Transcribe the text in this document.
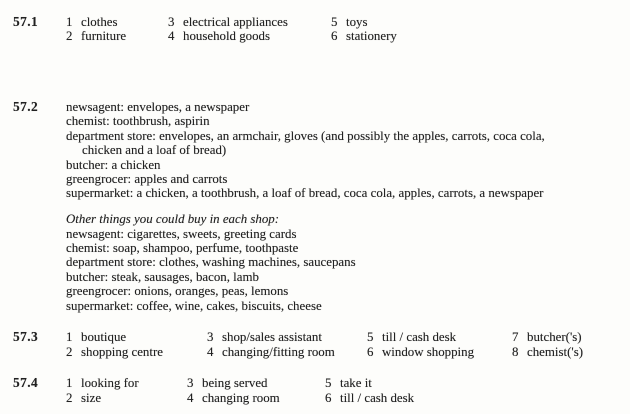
57.1 1 clothes	3 electrical appliances	5 toys
2 furniture	4 household goods	6 stationery
57.2 newsagent: envelopes, a newspaper
chemist: toothbrush, aspirin
department store: envelopes, an armchair, gloves (and possibly the apples, carrots, coca cola,
chicken and a loaf of bread)
butcher: a chicken
greengrocer: apples and carrots
supermarket: a chicken, a toothbrush, a loaf of bread, coca cola, apples, carrots, a newspaper
Other things you could buy in each shop:
newsagent: cigarettes, sweets, greeting cards
chemist: soap, shampoo, perfume, toothpaste
department store: clothes, washing machines, saucepans
butcher: steak, sausages, bacon, lamb
greengrocer: onions, oranges, peas, lemons
supermarket: coffee, wine, cakes, biscuits, cheese
57.3 1 boutique	3 shop/sales assistant	5 till / cash desk	7 butcher('s)
2 shopping centre	4 changing/fitting room 6 window shopping	8 chemist('s)
57.4 1 looking for	3 being served	5 take it
2 size	4 changing room	6 till / cash desk
